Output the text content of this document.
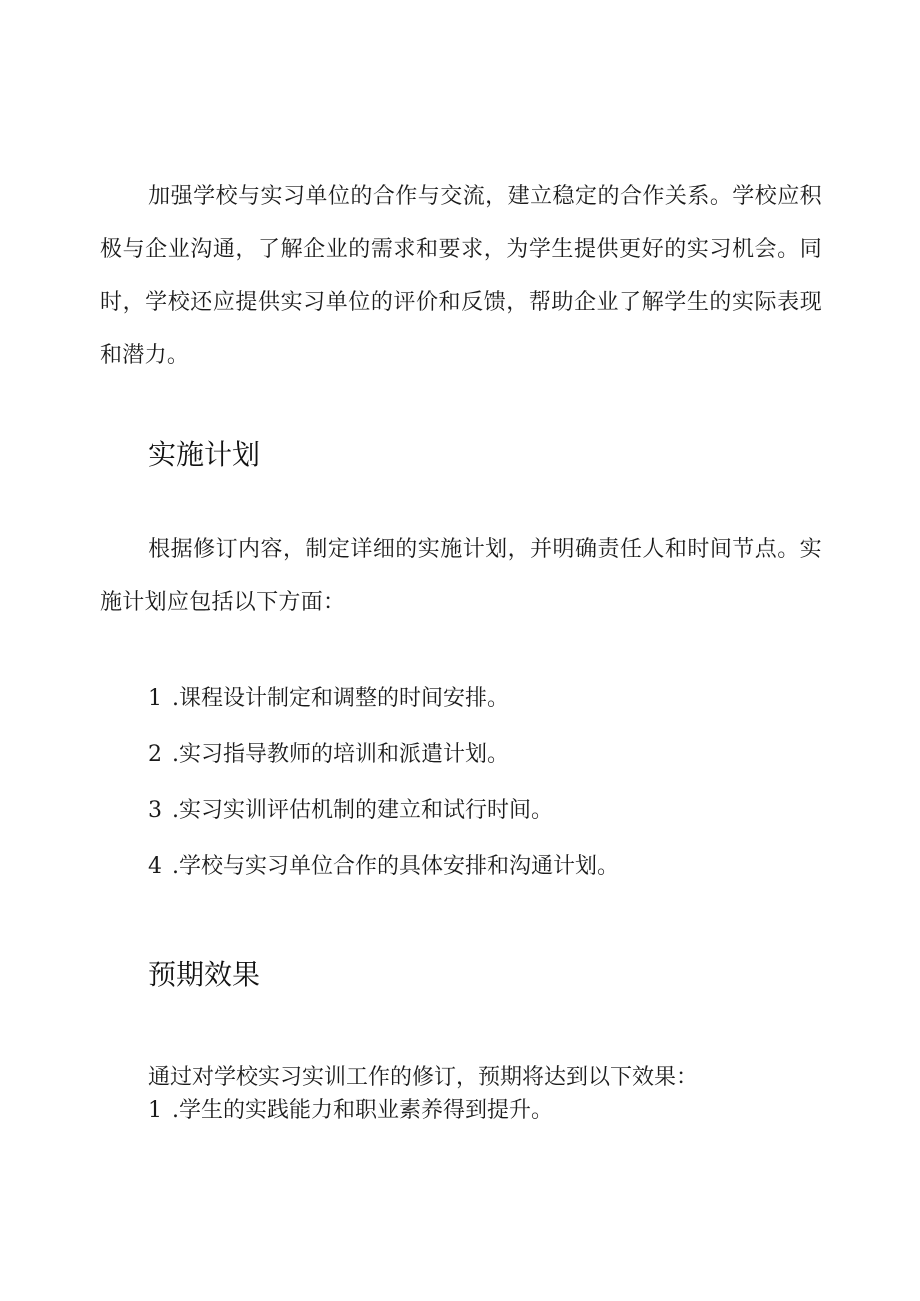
加强学校与实习单位的合作与交流，建立稳定的合作关系。学校应积极与企业沟通，了解企业的需求和要求，为学生提供更好的实习机会。同时，学校还应提供实习单位的评价和反馈，帮助企业了解学生的实际表现和潜力。

实施计划

根据修订内容，制定详细的实施计划，并明确责任人和时间节点。实施计划应包括以下方面：

1 .课程设计制定和调整的时间安排。

2 .实习指导教师的培训和派遣计划。

3 .实习实训评估机制的建立和试行时间。

4 .学校与实习单位合作的具体安排和沟通计划。

预期效果

通过对学校实习实训工作的修订，预期将达到以下效果：

1 .学生的实践能力和职业素养得到提升。
